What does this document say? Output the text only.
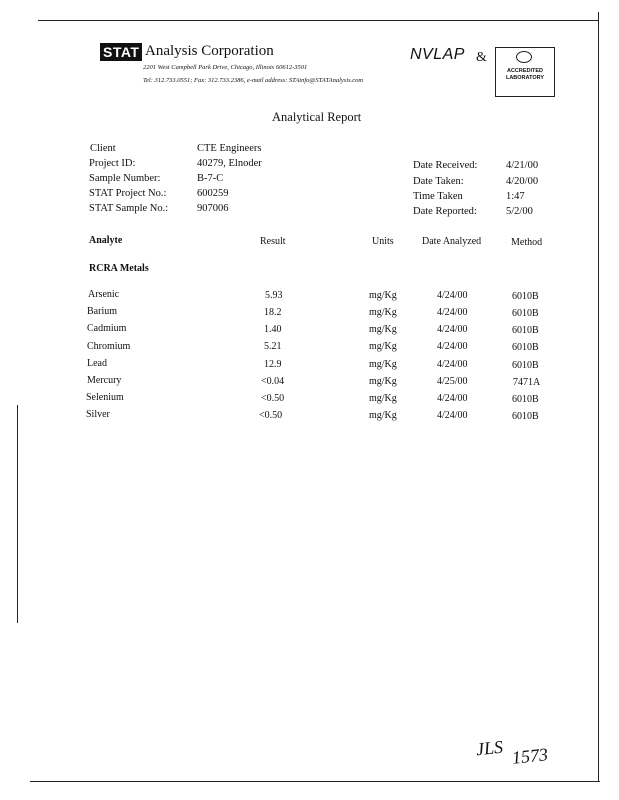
STAT Analysis Corporation
2201 West Campbell Park Drive, Chicago, Illinois 60612-3501
Tel: 312.733.0551; Fax: 312.733.2386, e-mail address: STAinfo@STATAnalysis.com
NVLAP &
ACCREDITED LABORATORY
Analytical Report
Client	CTE Engineers
Project ID:	40279, Elnoder
Sample Number:	B-7-C
STAT Project No.:	600259
STAT Sample No.:	907006
Date Received:	4/21/00
Date Taken:	4/20/00
Time Taken	1:47
Date Reported:	5/2/00
Analyte	Result	Units	Date Analyzed	Method
RCRA Metals
Arsenic	5.93	mg/Kg	4/24/00	6010B
Barium	18.2	mg/Kg	4/24/00	6010B
Cadmium	1.40	mg/Kg	4/24/00	6010B
Chromium	5.21	mg/Kg	4/24/00	6010B
Lead	12.9	mg/Kg	4/24/00	6010B
Mercury	<0.04	mg/Kg	4/25/00	7471A
Selenium	<0.50	mg/Kg	4/24/00	6010B
Silver	<0.50	mg/Kg	4/24/00	6010B
JLS 1573
